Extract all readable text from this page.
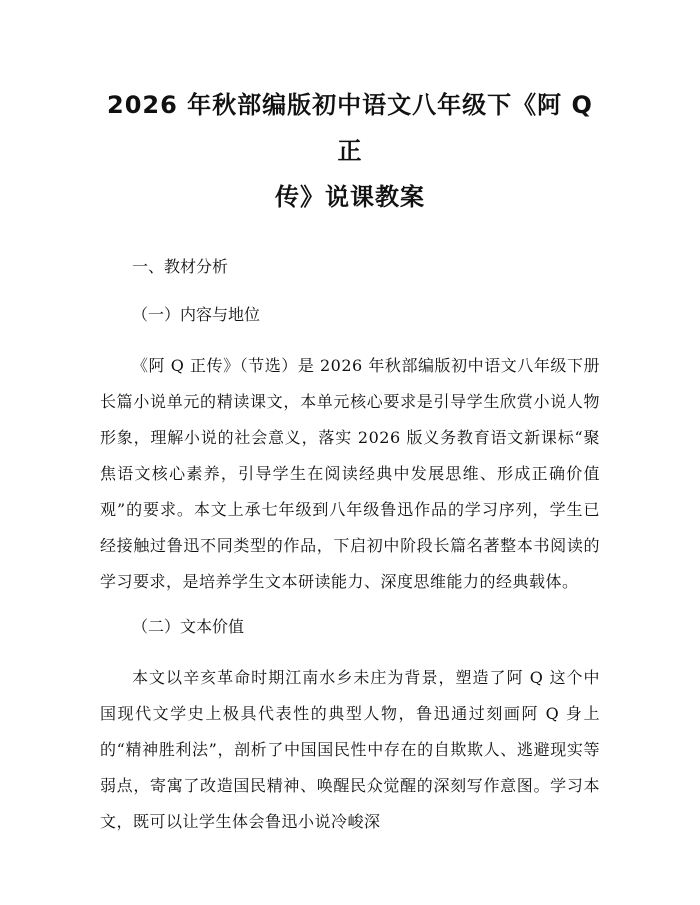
2026 年秋部编版初中语文八年级下《阿 Q 正
传》说课教案
一、教材分析
（一）内容与地位

《阿 Q 正传》（节选）是 2026 年秋部编版初中语文八年级下册长篇小说单元的精读课文，本单元核心要求是引导学生欣赏小说人物形象，理解小说的社会意义，落实 2026 版义务教育语文新课标“聚焦语文核心素养，引导学生在阅读经典中发展思维、形成正确价值观”的要求。本文上承七年级到八年级鲁迅作品的学习序列，学生已经接触过鲁迅不同类型的作品，下启初中阶段长篇名著整本书阅读的学习要求，是培养学生文本研读能力、深度思维能力的经典载体。

（二）文本价值

本文以辛亥革命时期江南水乡未庄为背景，塑造了阿 Q 这个中国现代文学史上极具代表性的典型人物，鲁迅通过刻画阿 Q 身上的“精神胜利法”，剖析了中国国民性中存在的自欺欺人、逃避现实等弱点，寄寓了改造国民精神、唤醒民众觉醒的深刻写作意图。学习本文，既可以让学生体会鲁迅小说冷峻深
